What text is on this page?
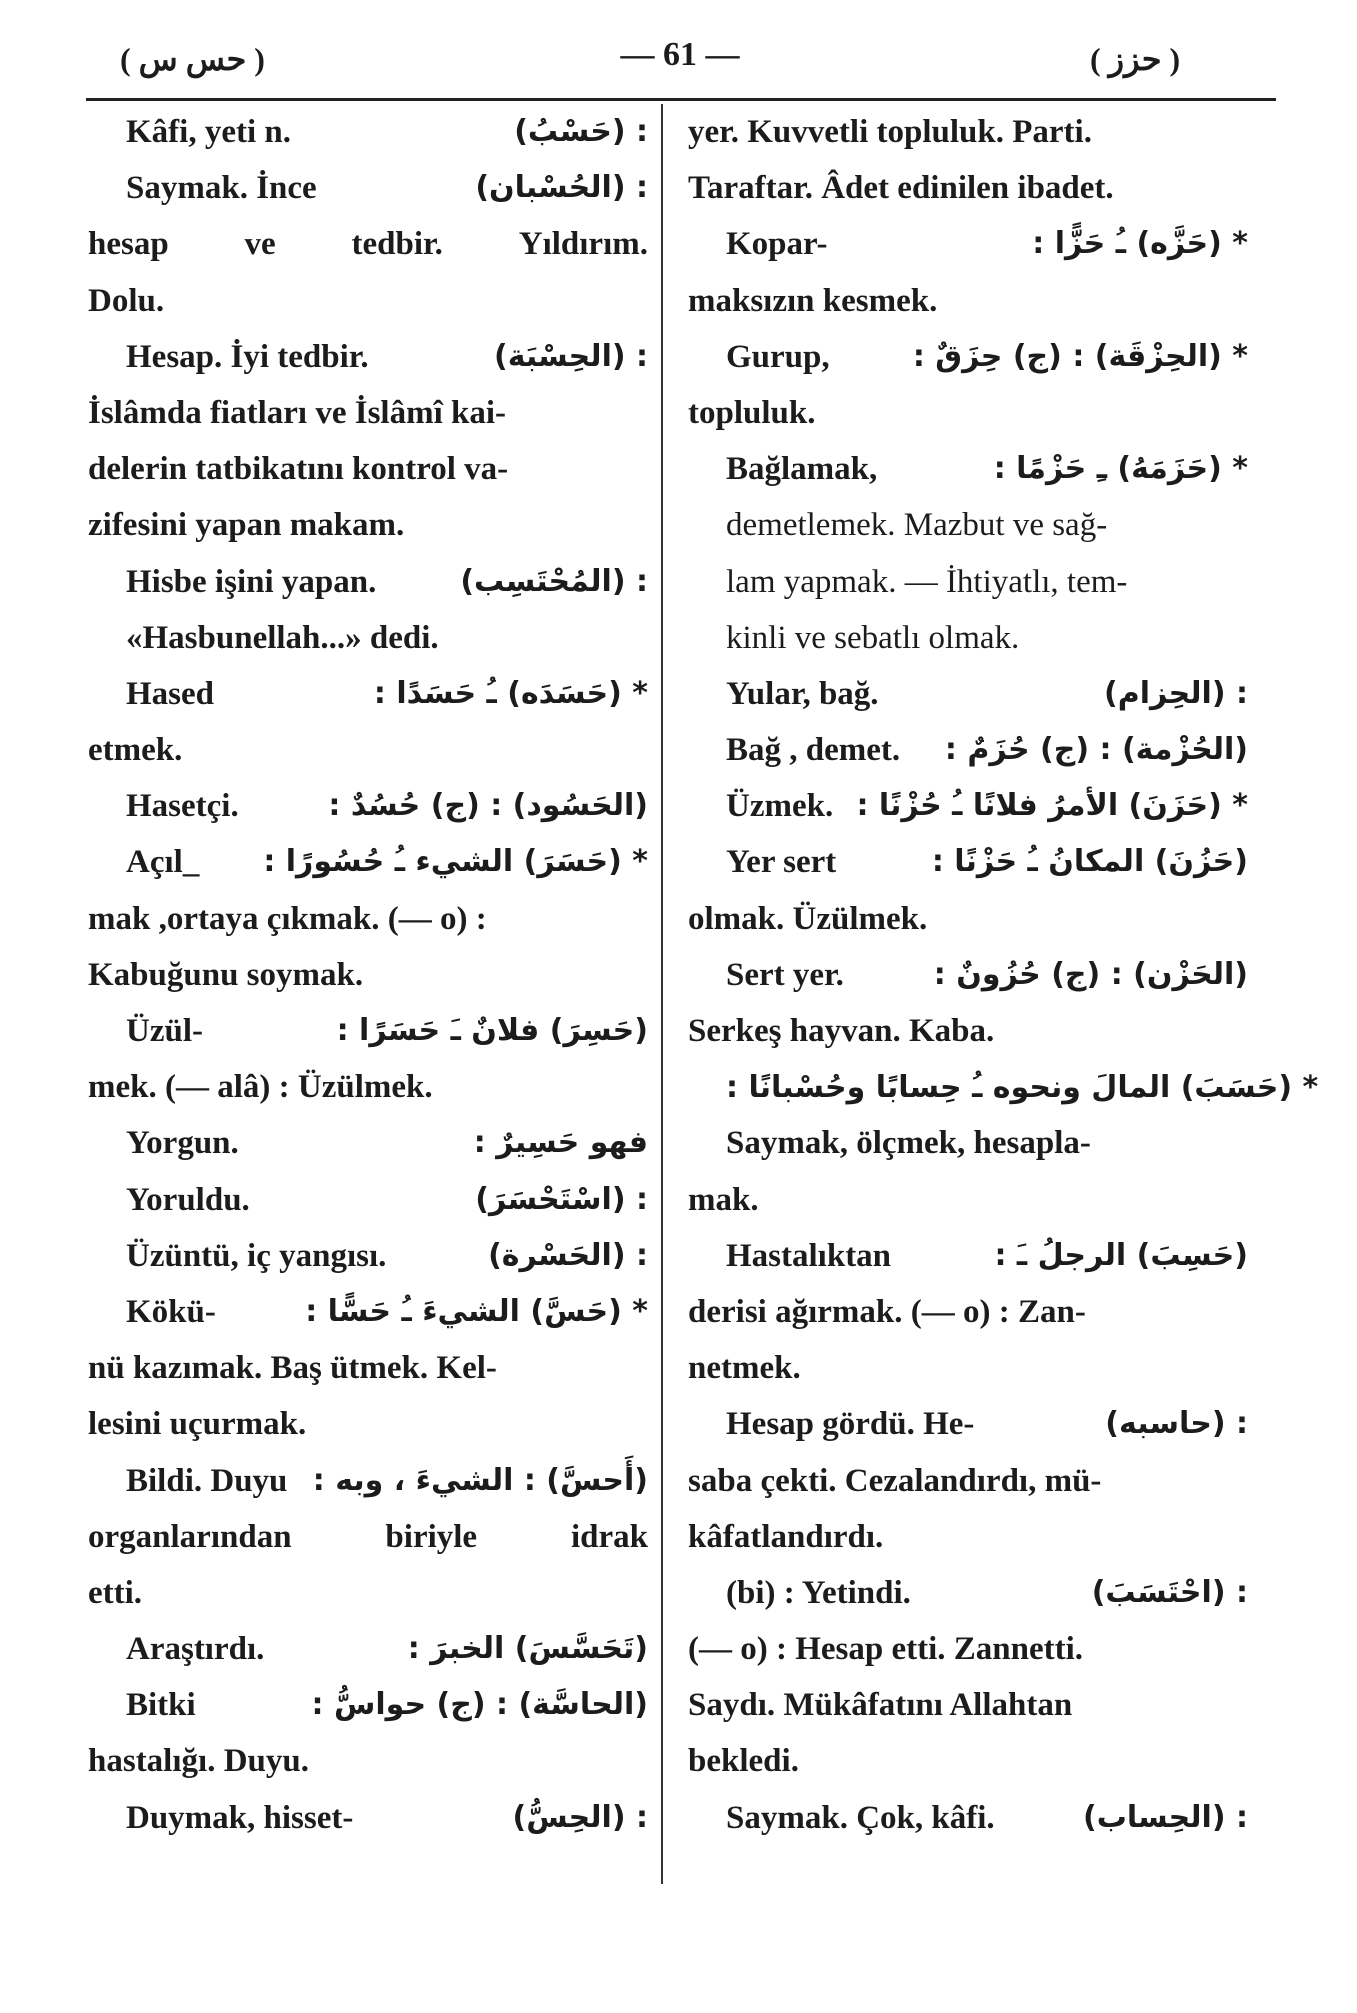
( حس س )	— 61 —	( حزز )
Kâfi, yeti n.	: (حَسْبُ)
Saymak. İnce	: (الحُسْبان)
hesap ve tedbir. Yıldırım.
Dolu.
Hesap. İyi tedbir.	: (الحِسْبَة)
İslâmda fiatları ve İslâmî kai-
delerin tatbikatını kontrol va-
zifesini yapan makam.
Hisbe işini yapan.	: (المُحْتَسِب)
«Hasbunellah...» dedi.
Hased	* (حَسَدَه) ـُ حَسَدًا :
etmek.
Hasetçi.	(الحَسُود) : (ج) حُسُدٌ :
Açıl_ * (حَسَرَ) الشيء ـُ حُسُورًا :
mak ,ortaya çıkmak. (— o) :
Kabuğunu soymak.
Üzül-	(حَسِرَ) فلانٌ ـَ حَسَرًا :
mek. (— alâ) : Üzülmek.
Yorgun.	فهو حَسِيرٌ :
Yoruldu.	: (اسْتَحْسَرَ)
Üzüntü, iç yangısı.	: (الحَسْرة)
Kökü-	* (حَسَّ) الشيءَ ـُ حَسًّا :
nü kazımak. Baş ütmek. Kel-
lesini uçurmak.
Bildi. Duyu (أَحسَّ) : الشيءَ ، وبه :
organlarından	biriyle	idrak
etti.
Araştırdı.	(تَحَسَّسَ) الخبرَ :
Bitki	(الحاسَّة) : (ج) حواسُّ :
hastalığı. Duyu.
Duymak, hisset-	: (الحِسُّ)
yer. Kuvvetli topluluk. Parti.
Taraftar. Âdet edinilen ibadet.
Kopar-	* (حَزَّه) ـُ حَزًّا :
maksızın kesmek.
Gurup,	* (الحِزْقَة) : (ج) حِزَقٌ :
topluluk.
Bağlamak,	* (حَزَمَهُ) ـِ حَزْمًا :
demetlemek. Mazbut ve sağ-
lam yapmak. — İhtiyatlı, tem-
kinli ve sebatlı olmak.
Yular, bağ.	: (الحِزام)
Bağ , demet. (الحُزْمة) : (ج) حُزَمٌ :
Üzmek. * (حَزَنَ) الأمرُ فلانًا ـُ حُزْنًا :
Yer sert	(حَزُنَ) المكانُ ـُ حَزْنًا :
olmak. Üzülmek.
Sert yer.	(الحَزْن) : (ج) حُزُونٌ :
Serkeş hayvan. Kaba.
* (حَسَبَ) المالَ ونحوه ـُ حِسابًا وحُسْبانًا :
Saymak, ölçmek, hesapla-
mak.
Hastalıktan	(حَسِبَ) الرجلُ ـَ :
derisi ağırmak. (— o) : Zan-
netmek.
Hesap gördü. He-	: (حاسبه)
saba çekti. Cezalandırdı, mü-
kâfatlandırdı.
(bi) : Yetindi.	: (احْتَسَبَ)
(— o) : Hesap etti. Zannetti.
Saydı. Mükâfatını Allahtan
bekledi.
Saymak. Çok, kâfi.	: (الحِساب)
